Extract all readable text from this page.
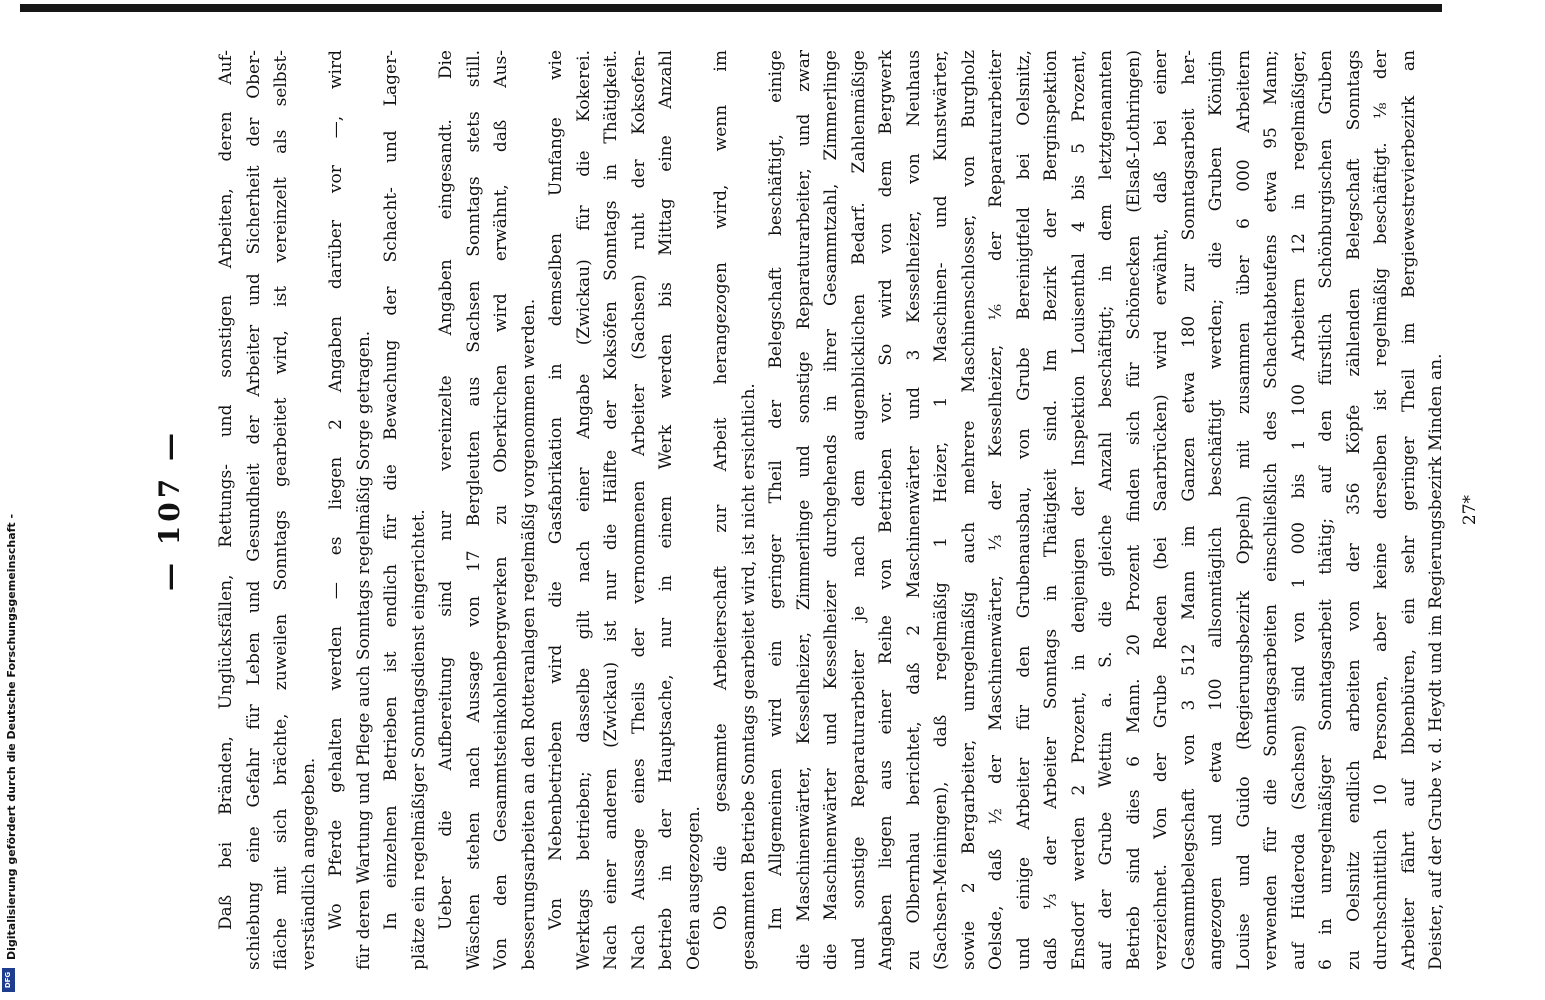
— 107 —	Daß bei Bränden, Unglücksfällen, Rettungs- und sonstigen Arbeiten, deren Auf- schiebung eine Gefahr für Leben und Gesundheit der Arbeiter und Sicherheit der Ober- fläche mit sich brächte, zuweilen Sonntags gearbeitet wird, ist vereinzelt als selbst- verständlich angegeben. Wo Pferde gehalten werden — es liegen 2 Angaben darüber vor —, wird für deren Wartung und Pflege auch Sonntags regelmäßig Sorge getragen. In einzelnen Betrieben ist endlich für die Bewachung der Schacht- und Lager- plätze ein regelmäßiger Sonntagsdienst eingerichtet. Ueber die Aufbereitung sind nur vereinzelte Angaben eingesandt. Die Wäschen stehen nach Aussage von 17 Bergleuten aus Sachsen Sonntags stets still. Von den Gesammtsteinkohlenbergwerken zu Oberkirchen wird erwähnt, daß Aus- besserungsarbeiten an den Rotteranlagen regelmäßig vorgenommen werden. Von Nebenbetrieben wird die Gasfabrikation in demselben Umfange wie Werktags betrieben; dasselbe gilt nach einer Angabe (Zwickau) für die Kokerei. Nach einer anderen (Zwickau) ist nur die Hälfte der Koksöfen Sonntags in Thätigkeit. Nach Aussage eines Theils der vernommenen Arbeiter (Sachsen) ruht der Koksofen- betrieb in der Hauptsache, nur in einem Werk werden bis Mittag eine Anzahl Oefen ausgezogen. Ob die gesammte Arbeiterschaft zur Arbeit herangezogen wird, wenn im gesammten Betriebe Sonntags gearbeitet wird, ist nicht ersichtlich. Im Allgemeinen wird ein geringer Theil der Belegschaft beschäftigt, einige die Maschinenwärter, Kesselheizer, Zimmerlinge und sonstige Reparaturarbeiter, und zwar die Maschinenwärter und Kesselheizer durchgehends in ihrer Gesammtzahl, Zimmerlinge und sonstige Reparaturarbeiter je nach dem augenblicklichen Bedarf. Zahlenmäßige Angaben liegen aus einer Reihe von Betrieben vor. So wird von dem Bergwerk zu Olbernhau berichtet, daß 2 Maschinenwärter und 3 Kesselheizer, von Neuhaus (Sachsen-Meiningen), daß regelmäßig 1 Heizer, 1 Maschinen- und Kunstwärter, sowie 2 Bergarbeiter, unregelmäßig auch mehrere Maschinenschlosser, von Burgholz Oelsde, daß ½ der Maschinenwärter, ⅓ der Kesselheizer, ⅙ der Reparaturarbeiter und einige Arbeiter für den Grubenausbau, von Grube Bereinigtfeld bei Oelsnitz, daß ⅓ der Arbeiter Sonntags in Thätigkeit sind. Im Bezirk der Berginspektion Ensdorf werden 2 Prozent, in denjenigen der Inspektion Louisenthal 4 bis 5 Prozent, auf der Grube Wettin a. S. die gleiche Anzahl beschäftigt; in dem letztgenannten Betrieb sind dies 6 Mann. 20 Prozent finden sich für Schönecken (Elsaß-Lothringen) verzeichnet. Von der Grube Reden (bei Saarbrücken) wird erwähnt, daß bei einer Gesammtbelegschaft von 3 512 Mann im Ganzen etwa 180 zur Sonntagsarbeit her- angezogen und etwa 100 allsonntäglich beschäftigt werden; die Gruben Königin Louise und Guido (Regierungsbezirk Oppeln) mit zusammen über 6 000 Arbeitern verwenden für die Sonntagsarbeiten einschließlich des Schachtabteufens etwa 95 Mann; auf Hüderoda (Sachsen) sind von 1 000 bis 1 100 Arbeitern 12 in regelmäßiger, 6 in unregelmäßiger Sonntagsarbeit thätig; auf den fürstlich Schönburgischen Gruben zu Oelsnitz endlich arbeiten von der 356 Köpfe zählenden Belegschaft Sonntags durchschnittlich 10 Personen, aber keine derselben ist regelmäßig beschäftigt. ⅛ der Arbeiter fährt auf Ibbenbüren, ein sehr geringer Theil im Bergiewestrevierbezirk an Deister, auf der Grube v. d. Heydt und im Regierungsbezirk Minden an. 27*
Digitalisierung gefördert durch die Deutsche Forschungsgemeinschaft -
DFG
